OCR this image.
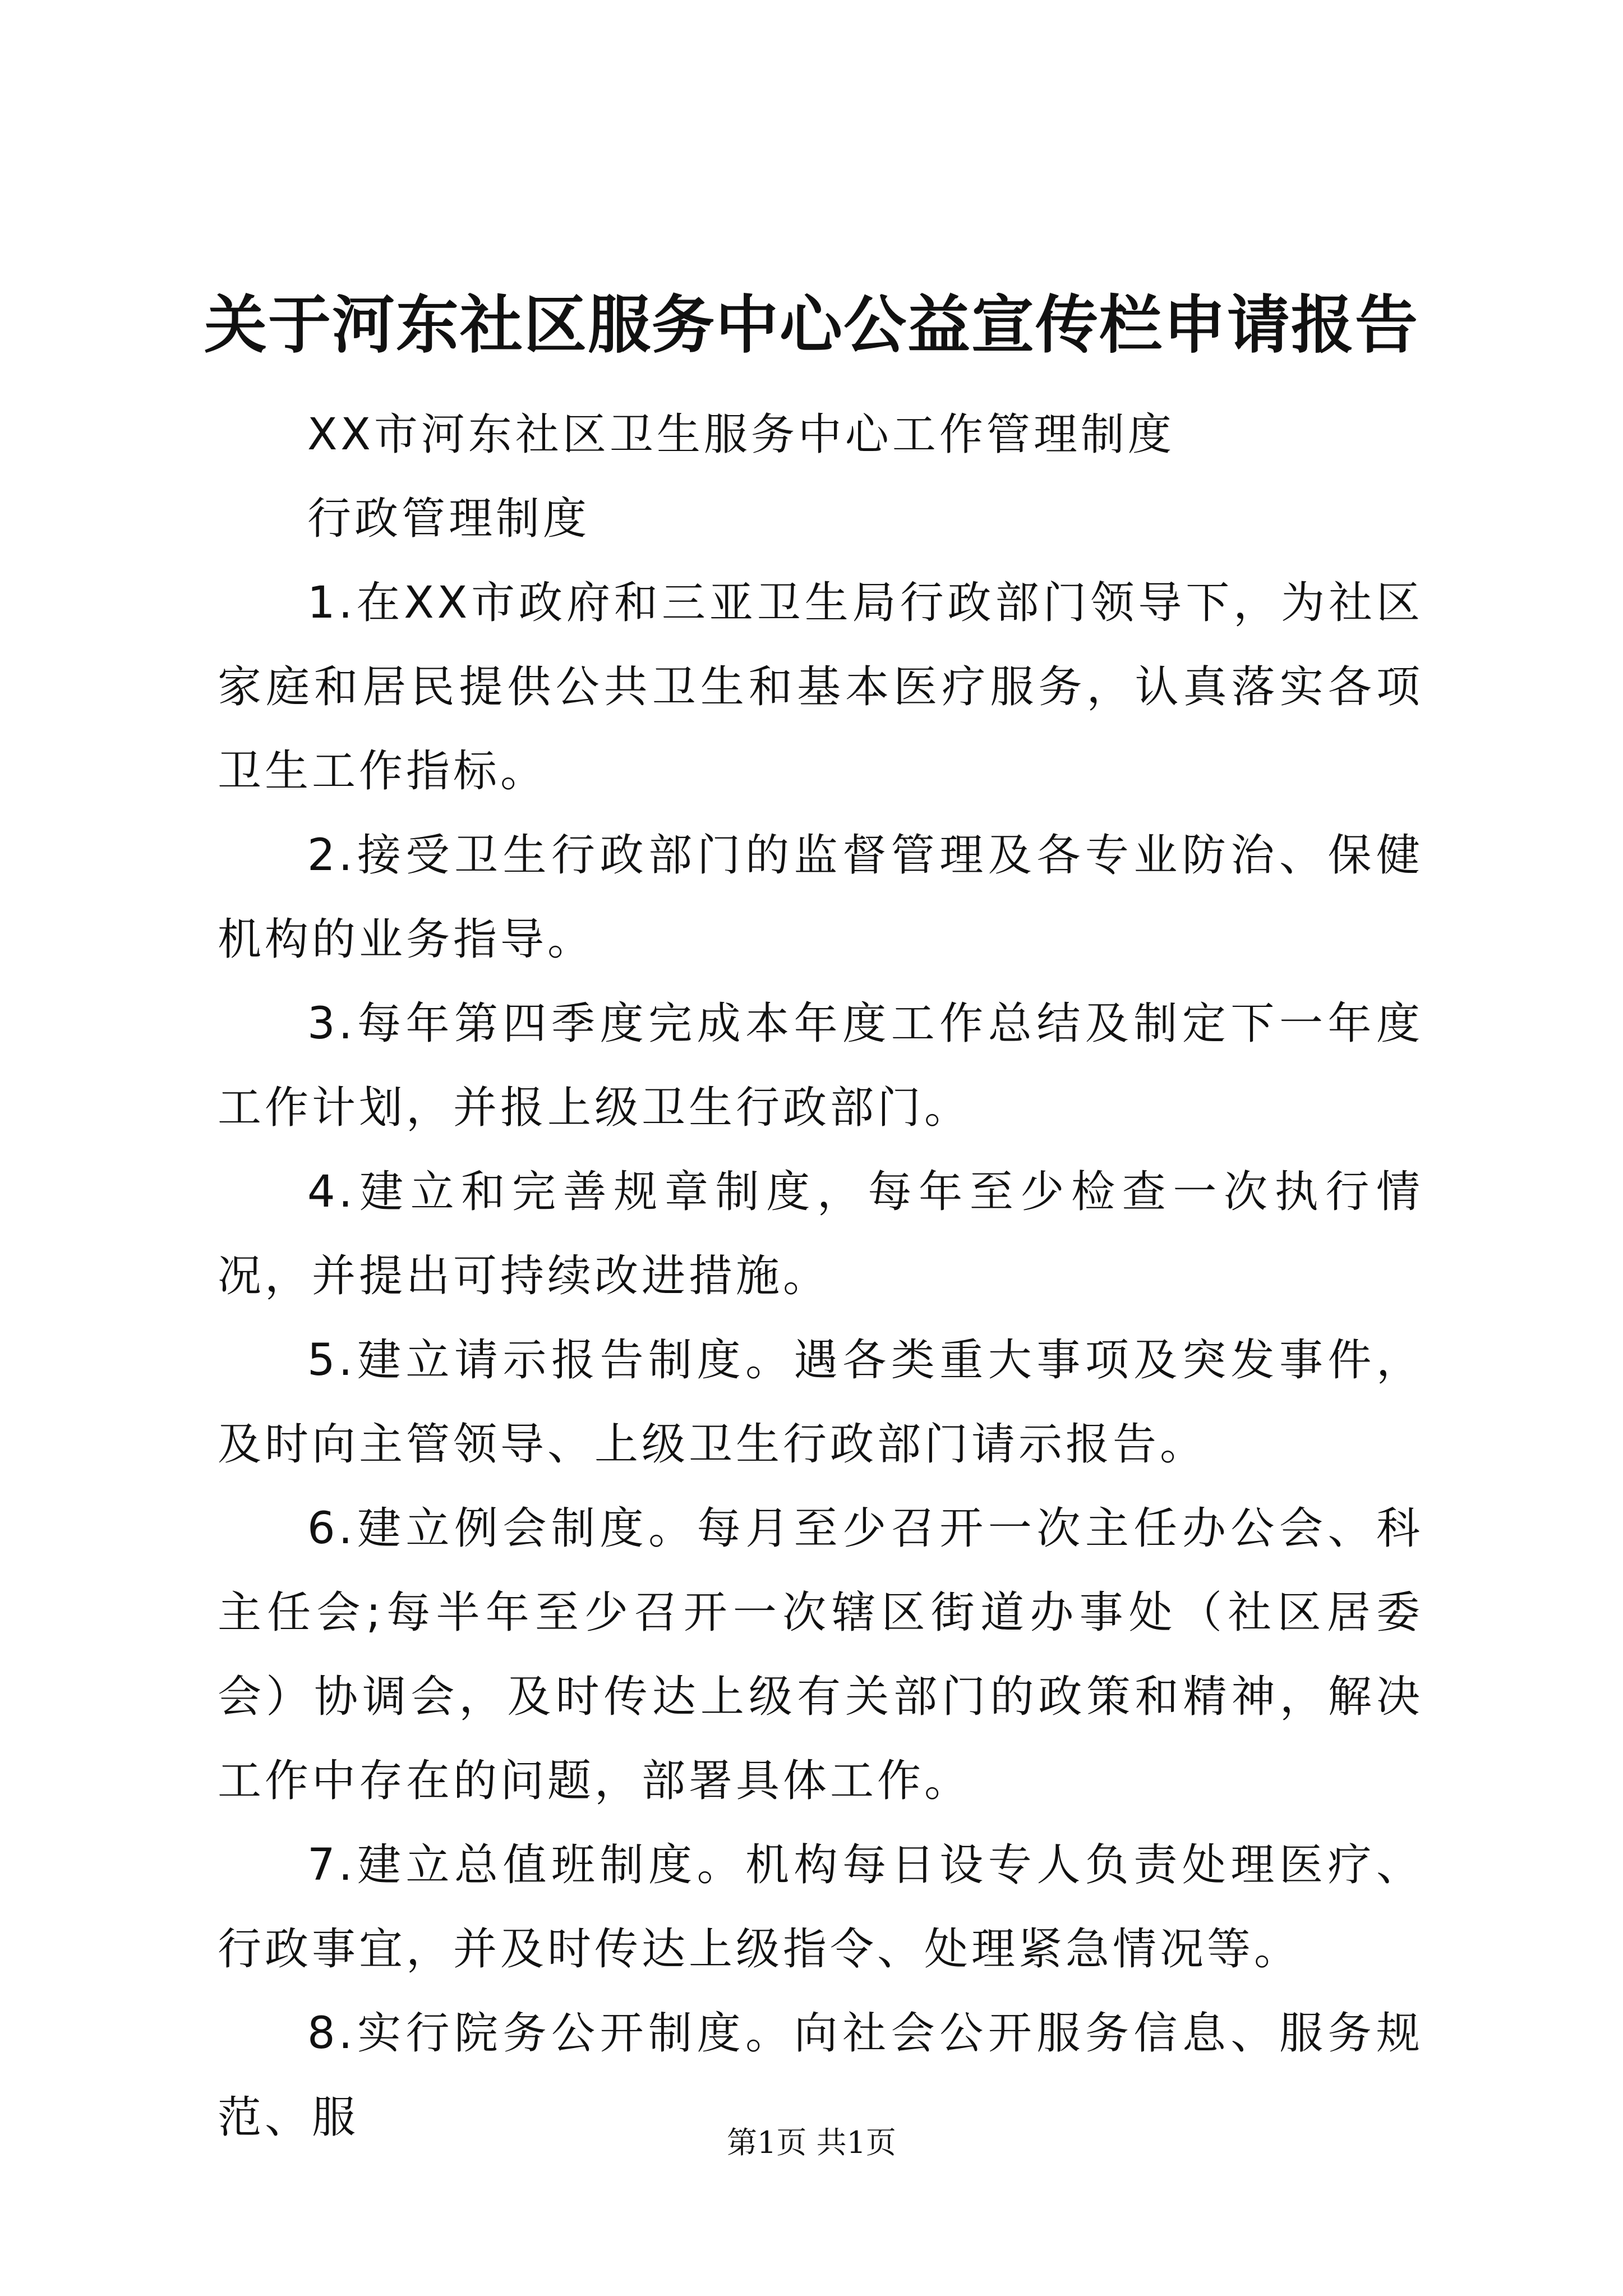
关于河东社区服务中心公益宣传栏申请报告

XX市河东社区卫生服务中心工作管理制度

行政管理制度

1.在XX市政府和三亚卫生局行政部门领导下，为社区家庭和居民提供公共卫生和基本医疗服务，认真落实各项卫生工作指标。

2.接受卫生行政部门的监督管理及各专业防治、保健机构的业务指导。

3.每年第四季度完成本年度工作总结及制定下一年度工作计划，并报上级卫生行政部门。

4.建立和完善规章制度，每年至少检查一次执行情况，并提出可持续改进措施。

5.建立请示报告制度。遇各类重大事项及突发事件，及时向主管领导、上级卫生行政部门请示报告。

6.建立例会制度。每月至少召开一次主任办公会、科主任会;每半年至少召开一次辖区街道办事处（社区居委会）协调会，及时传达上级有关部门的政策和精神，解决工作中存在的问题，部署具体工作。

7.建立总值班制度。机构每日设专人负责处理医疗、行政事宜，并及时传达上级指令、处理紧急情况等。

8.实行院务公开制度。向社会公开服务信息、服务规范、服	第1页 共1页
